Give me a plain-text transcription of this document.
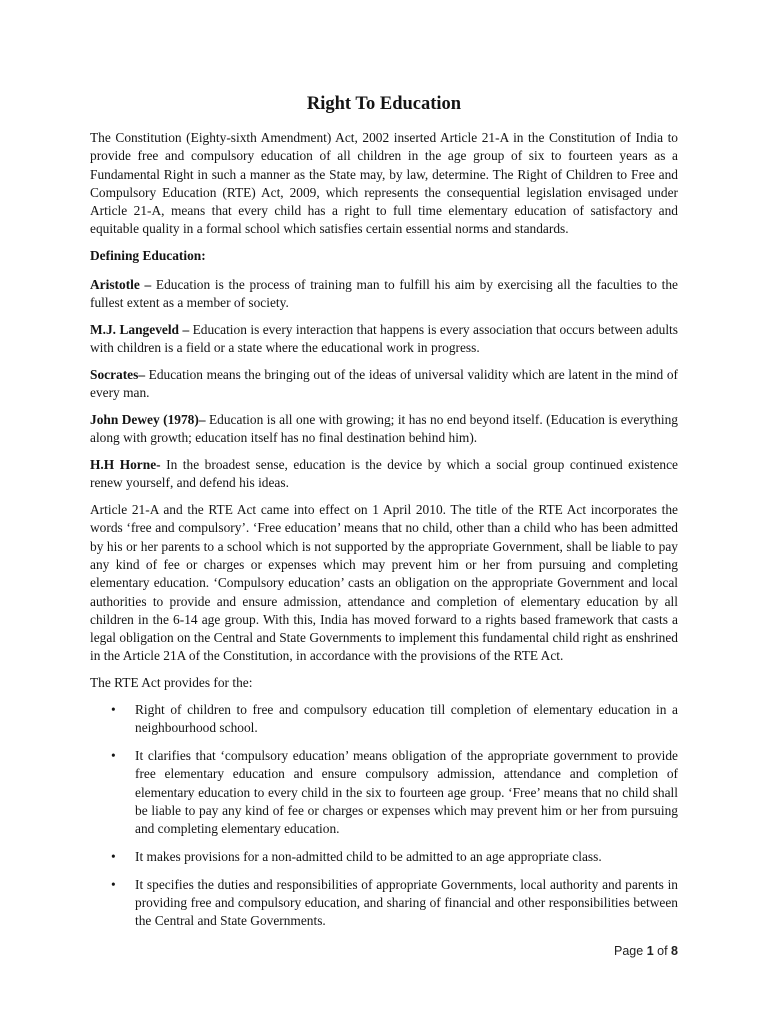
Right To Education

The Constitution (Eighty-sixth Amendment) Act, 2002 inserted Article 21-A in the Constitution of India to provide free and compulsory education of all children in the age group of six to fourteen years as a Fundamental Right in such a manner as the State may, by law, determine. The Right of Children to Free and Compulsory Education (RTE) Act, 2009, which represents the consequential legislation envisaged under Article 21-A, means that every child has a right to full time elementary education of satisfactory and equitable quality in a formal school which satisfies certain essential norms and standards.

Defining Education:

Aristotle – Education is the process of training man to fulfill his aim by exercising all the faculties to the fullest extent as a member of society.

M.J. Langeveld – Education is every interaction that happens is every association that occurs between adults with children is a field or a state where the educational work in progress.

Socrates– Education means the bringing out of the ideas of universal validity which are latent in the mind of every man.

John Dewey (1978)– Education is all one with growing; it has no end beyond itself. (Education is everything along with growth; education itself has no final destination behind him).

H.H Horne- In the broadest sense, education is the device by which a social group continued existence renew yourself, and defend his ideas.

Article 21-A and the RTE Act came into effect on 1 April 2010. The title of the RTE Act incorporates the words ‘free and compulsory’. ‘Free education’ means that no child, other than a child who has been admitted by his or her parents to a school which is not supported by the appropriate Government, shall be liable to pay any kind of fee or charges or expenses which may prevent him or her from pursuing and completing elementary education. ‘Compulsory education’ casts an obligation on the appropriate Government and local authorities to provide and ensure admission, attendance and completion of elementary education by all children in the 6-14 age group. With this, India has moved forward to a rights based framework that casts a legal obligation on the Central and State Governments to implement this fundamental child right as enshrined in the Article 21A of the Constitution, in accordance with the provisions of the RTE Act.

The RTE Act provides for the:

• Right of children to free and compulsory education till completion of elementary education in a neighbourhood school.
• It clarifies that ‘compulsory education’ means obligation of the appropriate government to provide free elementary education and ensure compulsory admission, attendance and completion of elementary education to every child in the six to fourteen age group. ‘Free’ means that no child shall be liable to pay any kind of fee or charges or expenses which may prevent him or her from pursuing and completing elementary education.
• It makes provisions for a non-admitted child to be admitted to an age appropriate class.
• It specifies the duties and responsibilities of appropriate Governments, local authority and parents in providing free and compulsory education, and sharing of financial and other responsibilities between the Central and State Governments.
Page 1 of 8
